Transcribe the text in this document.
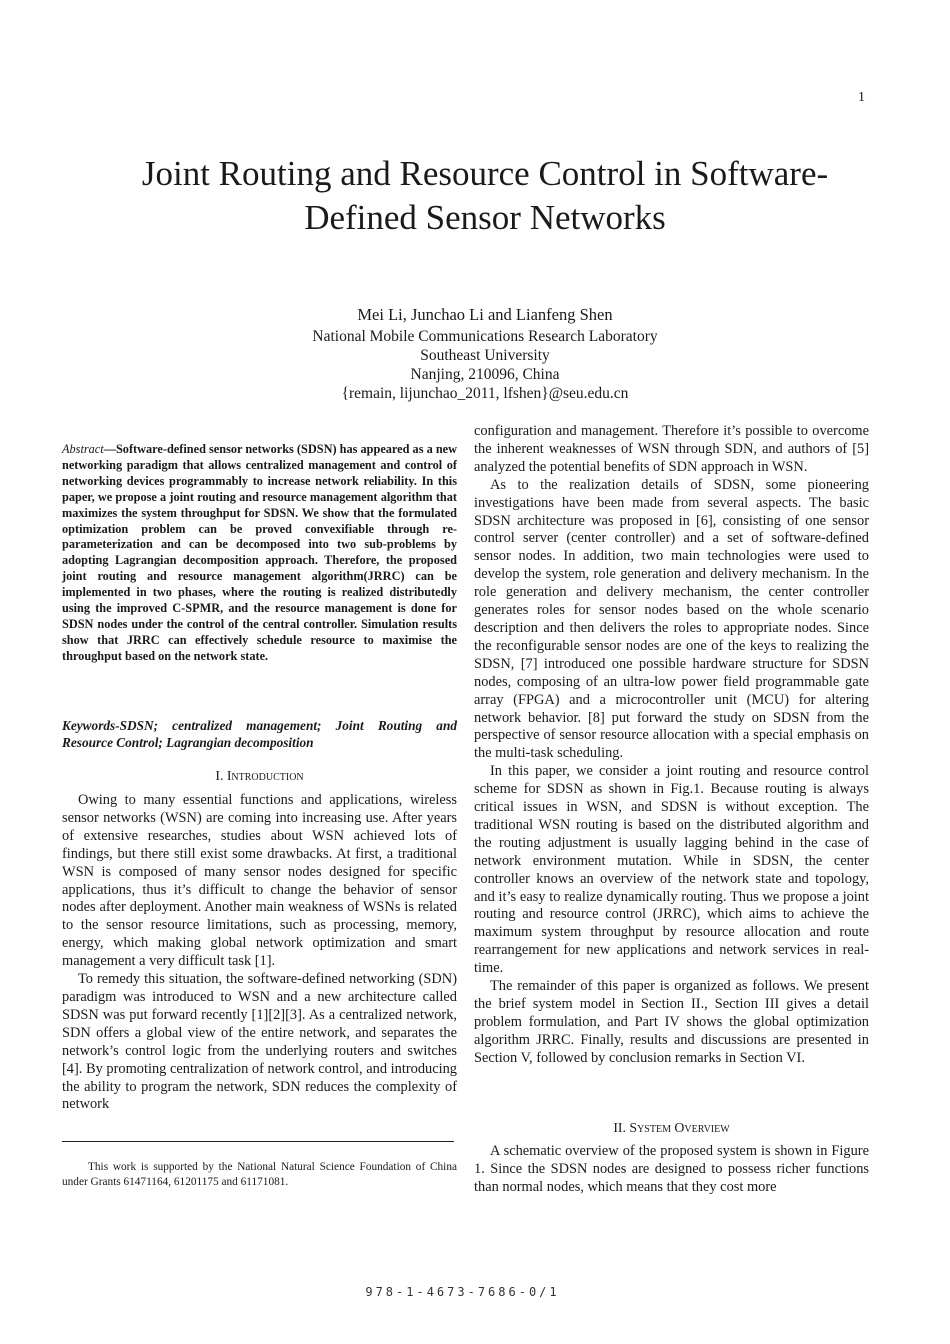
1
Joint Routing and Resource Control in Software-Defined Sensor Networks
Mei Li, Junchao Li and Lianfeng Shen
National Mobile Communications Research Laboratory
Southeast University
Nanjing, 210096, China
{remain, lijunchao_2011, lfshen}@seu.edu.cn
Abstract—Software-defined sensor networks (SDSN) has appeared as a new networking paradigm that allows centralized management and control of networking devices programmably to increase network reliability. In this paper, we propose a joint routing and resource management algorithm that maximizes the system throughput for SDSN. We show that the formulated optimization problem can be proved convexifiable through re-parameterization and can be decomposed into two sub-problems by adopting Lagrangian decomposition approach. Therefore, the proposed joint routing and resource management algorithm(JRRC) can be implemented in two phases, where the routing is realized distributedly using the improved C-SPMR, and the resource management is done for SDSN nodes under the control of the central controller. Simulation results show that JRRC can effectively schedule resource to maximise the throughput based on the network state.
Keywords-SDSN; centralized management; Joint Routing and Resource Control; Lagrangian decomposition
I. Introduction

Owing to many essential functions and applications, wireless sensor networks (WSN) are coming into increasing use. After years of extensive researches, studies about WSN achieved lots of findings, but there still exist some drawbacks. At first, a traditional WSN is composed of many sensor nodes designed for specific applications, thus it’s difficult to change the behavior of sensor nodes after deployment. Another main weakness of WSNs is related to the sensor resource limitations, such as processing, memory, energy, which making global network optimization and smart management a very difficult task [1].

To remedy this situation, the software-defined networking (SDN) paradigm was introduced to WSN and a new architecture called SDSN was put forward recently [1][2][3]. As a centralized network, SDN offers a global view of the entire network, and separates the network’s control logic from the underlying routers and switches [4]. By promoting centralization of network control, and introducing the ability to program the network, SDN reduces the complexity of network

This work is supported by the National Natural Science Foundation of China under Grants 61471164, 61201175 and 61171081.

configuration and management. Therefore it’s possible to overcome the inherent weaknesses of WSN through SDN, and authors of [5] analyzed the potential benefits of SDN approach in WSN.

As to the realization details of SDSN, some pioneering investigations have been made from several aspects. The basic SDSN architecture was proposed in [6], consisting of one sensor control server (center controller) and a set of software-defined sensor nodes. In addition, two main technologies were used to develop the system, role generation and delivery mechanism. In the role generation and delivery mechanism, the center controller generates roles for sensor nodes based on the whole scenario description and then delivers the roles to appropriate nodes. Since the reconfigurable sensor nodes are one of the keys to realizing the SDSN, [7] introduced one possible hardware structure for SDSN nodes, composing of an ultra-low power field programmable gate array (FPGA) and a microcontroller unit (MCU) for altering network behavior. [8] put forward the study on SDSN from the perspective of sensor resource allocation with a special emphasis on the multi-task scheduling.

In this paper, we consider a joint routing and resource control scheme for SDSN as shown in Fig.1. Because routing is always critical issues in WSN, and SDSN is without exception. The traditional WSN routing is based on the distributed algorithm and the routing adjustment is usually lagging behind in the case of network environment mutation. While in SDSN, the center controller knows an overview of the network state and topology, and it’s easy to realize dynamically routing. Thus we propose a joint routing and resource control (JRRC), which aims to achieve the maximum system throughput by resource allocation and route rearrangement for new applications and network services in real-time.

The remainder of this paper is organized as follows. We present the brief system model in Section II., Section III gives a detail problem formulation, and Part IV shows the global optimization algorithm JRRC. Finally, results and discussions are presented in Section V, followed by conclusion remarks in Section VI.

II. System Overview

A schematic overview of the proposed system is shown in Figure 1. Since the SDSN nodes are designed to possess richer functions than normal nodes, which means that they cost more

978-1-4673-7686-0/1
